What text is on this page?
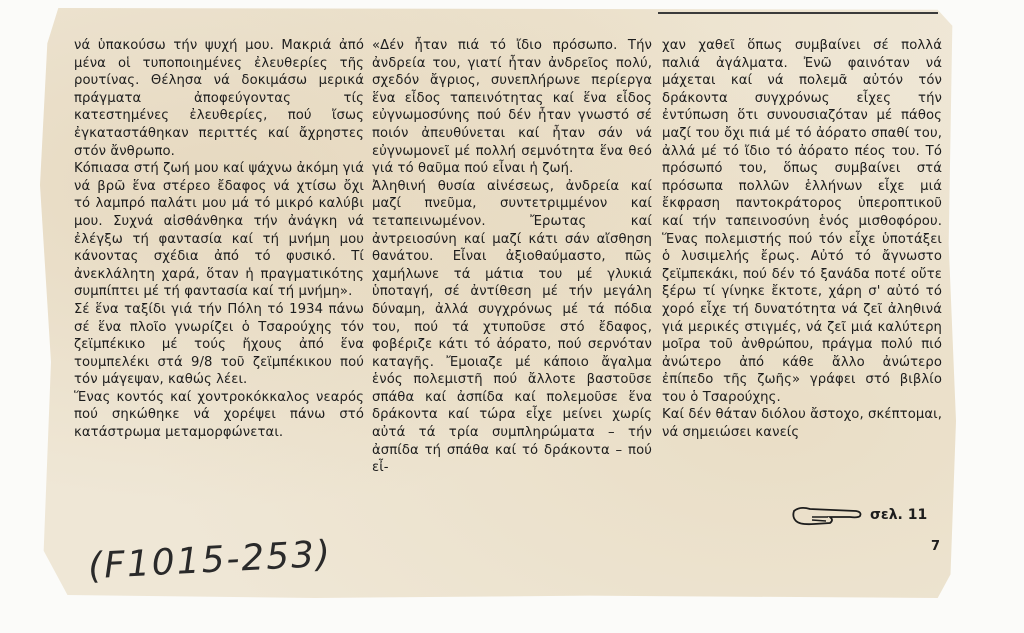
νά ὑπακούσω τήν ψυχή μου. Μακριά ἀπό μένα οἱ τυποποιημένες ἐλευθερίες τῆς ρουτίνας. Θέλησα νά δοκιμάσω μερικά πράγματα ἀποφεύγοντας τίς κατεστημένες ἐλευθερίες, πού ἴσως ἐγκαταστάθηκαν περιττές καί ἄχρηστες στόν ἄνθρωπο.

Κόπιασα στή ζωή μου καί ψάχνω ἀκόμη γιά νά βρῶ ἕνα στέρεο ἔδαφος νά χτίσω ὄχι τό λαμπρό παλάτι μου μά τό μικρό καλύβι μου. Συχνά αἰσθάνθηκα τήν ἀνάγκη νά ἐλέγξω τή φαντασία καί τή μνήμη μου κάνοντας σχέδια ἀπό τό φυσικό. Τί ἀνεκλάλητη χαρά, ὅταν ἡ πραγματικότης συμπίπτει μέ τή φαντασία καί τή μνήμη».

Σέ ἕνα ταξίδι γιά τήν Πόλη τό 1934 πάνω σέ ἕνα πλοῖο γνωρίζει ὁ Τσαρούχης τόν ζεϊμπέκικο μέ τούς ἤχους ἀπό ἕνα τουμπελέκι στά 9/8 τοῦ ζεϊμπέκικου πού τόν μάγεψαν, καθώς λέει.

Ἕνας κοντός καί χοντροκόκκαλος νεαρός πού σηκώθηκε νά χορέψει πάνω στό κατάστρωμα μεταμορφώνεται.

«Δέν ἦταν πιά τό ἴδιο πρόσωπο. Τήν ἀνδρεία του, γιατί ἦταν ἀνδρεῖος πολύ, σχεδόν ἄγριος, συνεπλήρωνε περίεργα ἕνα εἶδος ταπεινότητας καί ἕνα εἶδος εὐγνωμοσύνης πού δέν ἦταν γνωστό σέ ποιόν ἀπευθύνεται καί ἦταν σάν νά εὐγνωμονεῖ μέ πολλή σεμνότητα ἕνα θεό γιά τό θαῦμα πού εἶναι ἡ ζωή.

Ἀληθινή θυσία αἰνέσεως, ἀνδρεία καί μαζί πνεῦμα, συντετριμμένον καί τεταπεινωμένον. Ἔρωτας καί ἀντρειοσύνη καί μαζί κάτι σάν αἴσθηση θανάτου. Εἶναι ἀξιοθαύμαστο, πῶς χαμήλωνε τά μάτια του μέ γλυκιά ὑποταγή, σέ ἀντίθεση μέ τήν μεγάλη δύναμη, ἀλλά συγχρόνως μέ τά πόδια του, πού τά χτυποῦσε στό ἔδαφος, φοβέριζε κάτι τό ἀόρατο, πού σερνόταν καταγῆς. Ἔμοιαζε μέ κάποιο ἄγαλμα ἑνός πολεμιστῆ πού ἄλλοτε βαστοῦσε σπάθα καί ἀσπίδα καί πολεμοῦσε ἕνα δράκοντα καί τώρα εἶχε μείνει χωρίς αὐτά τά τρία συμπληρώματα – τήν ἀσπίδα τή σπάθα καί τό δράκοντα – πού εἶ-

χαν χαθεῖ ὅπως συμβαίνει σέ πολλά παλιά ἀγάλματα. Ἐνῶ φαινόταν νά μάχεται καί νά πολεμᾶ αὐτόν τόν δράκοντα συγχρόνως εἶχες τήν ἐντύπωση ὅτι συνουσιαζόταν μέ πάθος μαζί του ὄχι πιά μέ τό ἀόρατο σπαθί του, ἀλλά μέ τό ἴδιο τό ἀόρατο πέος του. Τό πρόσωπό του, ὅπως συμβαίνει στά πρόσωπα πολλῶν ἑλλήνων εἶχε μιά ἔκφραση παντοκράτορος ὑπεροπτικοῦ καί τήν ταπεινοσύνη ἑνός μισθοφόρου. Ἕνας πολεμιστής πού τόν εἶχε ὑποτάξει ὁ λυσιμελής ἔρως. Αὐτό τό ἄγνωστο ζεϊμπεκάκι, πού δέν τό ξανάδα ποτέ οὔτε ξέρω τί γίνηκε ἔκτοτε, χάρη σ' αὐτό τό χορό εἶχε τή δυνατότητα νά ζεῖ ἀληθινά γιά μερικές στιγμές, νά ζεῖ μιά καλύτερη μοῖρα τοῦ ἀνθρώπου, πράγμα πολύ πιό ἀνώτερο ἀπό κάθε ἄλλο ἀνώτερο ἐπίπεδο τῆς ζωῆς» γράφει στό βιβλίο του ὁ Τσαρούχης.

Καί δέν θάταν διόλου ἄστοχο, σκέπτομαι, νά σημειώσει κανείς

σελ. 11
7
(F1015-253)
